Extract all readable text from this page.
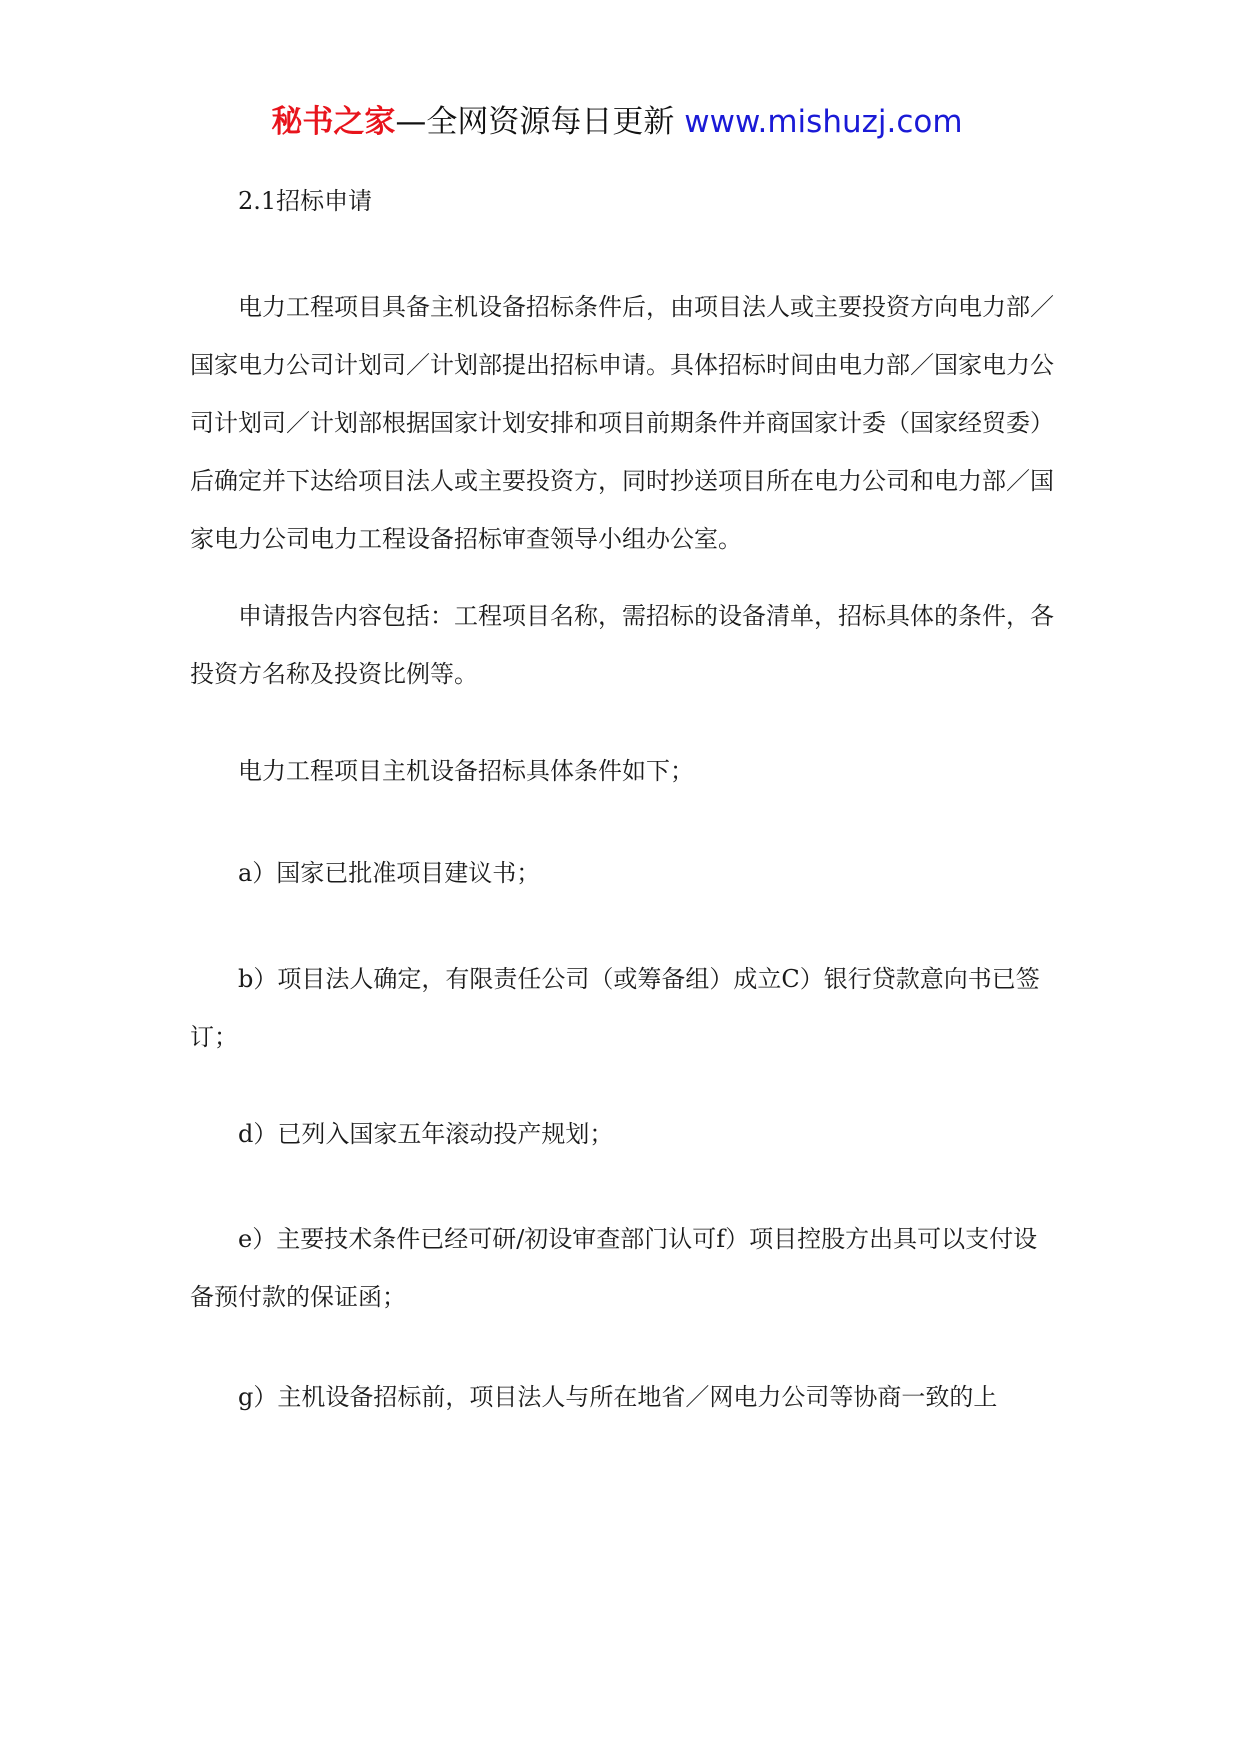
秘书之家—全网资源每日更新 www.mishuzj.com

2.1招标申请

电力工程项目具备主机设备招标条件后，由项目法人或主要投资方向电力部／国家电力公司计划司／计划部提出招标申请。具体招标时间由电力部／国家电力公司计划司／计划部根据国家计划安排和项目前期条件并商国家计委（国家经贸委）后确定并下达给项目法人或主要投资方，同时抄送项目所在电力公司和电力部／国家电力公司电力工程设备招标审查领导小组办公室。

申请报告内容包括：工程项目名称，需招标的设备清单，招标具体的条件，各投资方名称及投资比例等。

电力工程项目主机设备招标具体条件如下；

a）国家已批准项目建议书；

b）项目法人确定，有限责任公司（或筹备组）成立C）银行贷款意向书已签订；

d）已列入国家五年滚动投产规划；

e）主要技术条件已经可研/初设审查部门认可f）项目控股方出具可以支付设备预付款的保证函；

g）主机设备招标前，项目法人与所在地省／网电力公司等协商一致的上
